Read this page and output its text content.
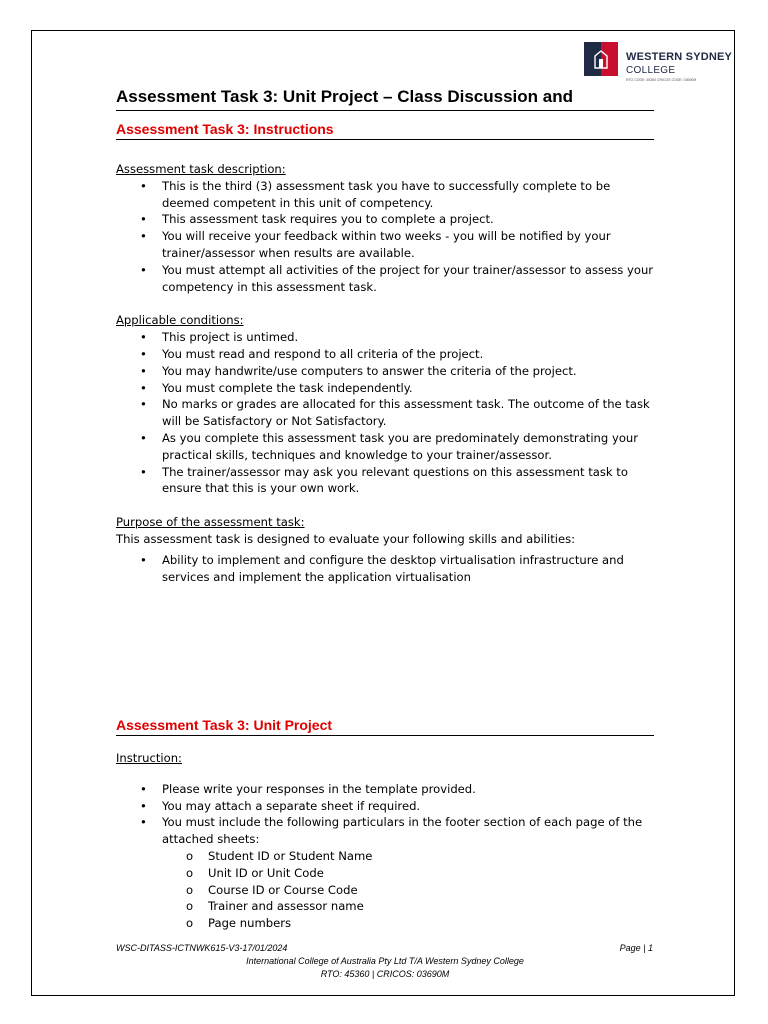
WESTERN SYDNEY
COLLEGE
RTO CODE: 45360 CRICOS CODE: 03690M
Assessment Task 3: Unit Project – Class Discussion and
Assessment Task 3: Instructions
Assessment task description:
• This is the third (3) assessment task you have to successfully complete to be deemed competent in this unit of competency.
• This assessment task requires you to complete a project.
• You will receive your feedback within two weeks - you will be notified by your trainer/assessor when results are available.
• You must attempt all activities of the project for your trainer/assessor to assess your competency in this assessment task.
Applicable conditions:
• This project is untimed.
• You must read and respond to all criteria of the project.
• You may handwrite/use computers to answer the criteria of the project.
• You must complete the task independently.
• No marks or grades are allocated for this assessment task. The outcome of the task will be Satisfactory or Not Satisfactory.
• As you complete this assessment task you are predominately demonstrating your practical skills, techniques and knowledge to your trainer/assessor.
• The trainer/assessor may ask you relevant questions on this assessment task to ensure that this is your own work.
Purpose of the assessment task:
This assessment task is designed to evaluate your following skills and abilities:
• Ability to implement and configure the desktop virtualisation infrastructure and services and implement the application virtualisation
Assessment Task 3: Unit Project
Instruction:
• Please write your responses in the template provided.
• You may attach a separate sheet if required.
• You must include the following particulars in the footer section of each page of the attached sheets:
o Student ID or Student Name
o Unit ID or Unit Code
o Course ID or Course Code
o Trainer and assessor name
o Page numbers
WSC-DITASS-ICTNWK615-V3-17/01/2024	Page | 1
International College of Australia Pty Ltd T/A Western Sydney College
RTO: 45360 | CRICOS: 03690M
